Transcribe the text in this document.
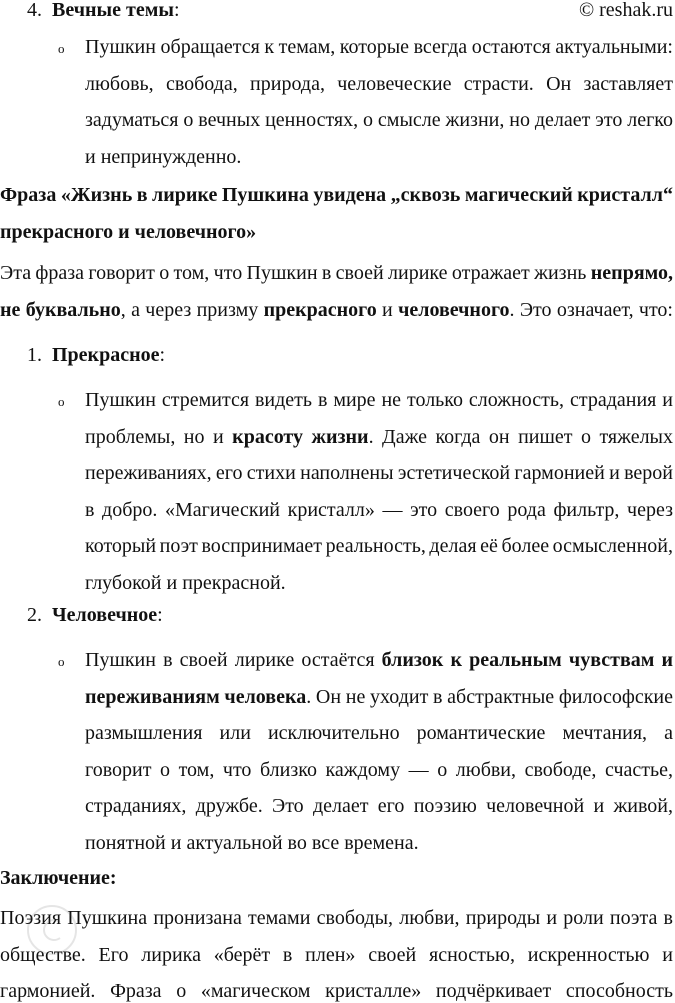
© reshak.ru
4. Вечные темы:
o Пушкин обращается к темам, которые всегда остаются актуальными:
любовь, свобода, природа, человеческие страсти. Он заставляет
задуматься о вечных ценностях, о смысле жизни, но делает это легко
и непринужденно.
Фраза «Жизнь в лирике Пушкина увидена „сквозь магический кристалл“
прекрасного и человечного»
Эта фраза говорит о том, что Пушкин в своей лирике отражает жизнь непрямо,
не буквально, а через призму прекрасного и человечного. Это означает, что:
1. Прекрасное:
o Пушкин стремится видеть в мире не только сложность, страдания и
проблемы, но и красоту жизни. Даже когда он пишет о тяжелых
переживаниях, его стихи наполнены эстетической гармонией и верой
в добро. «Магический кристалл» — это своего рода фильтр, через
который поэт воспринимает реальность, делая её более осмысленной,
глубокой и прекрасной.
2. Человечное:
o Пушкин в своей лирике остаётся близок к реальным чувствам и
переживаниям человека. Он не уходит в абстрактные философские
размышления или исключительно романтические мечтания, а
говорит о том, что близко каждому — о любви, свободе, счастье,
страданиях, дружбе. Это делает его поэзию человечной и живой,
понятной и актуальной во все времена.
Заключение:
Поэзия Пушкина пронизана темами свободы, любви, природы и роли поэта в
обществе. Его лирика «берёт в плен» своей ясностью, искренностью и
гармонией. Фраза о «магическом кристалле» подчёркивает способность
